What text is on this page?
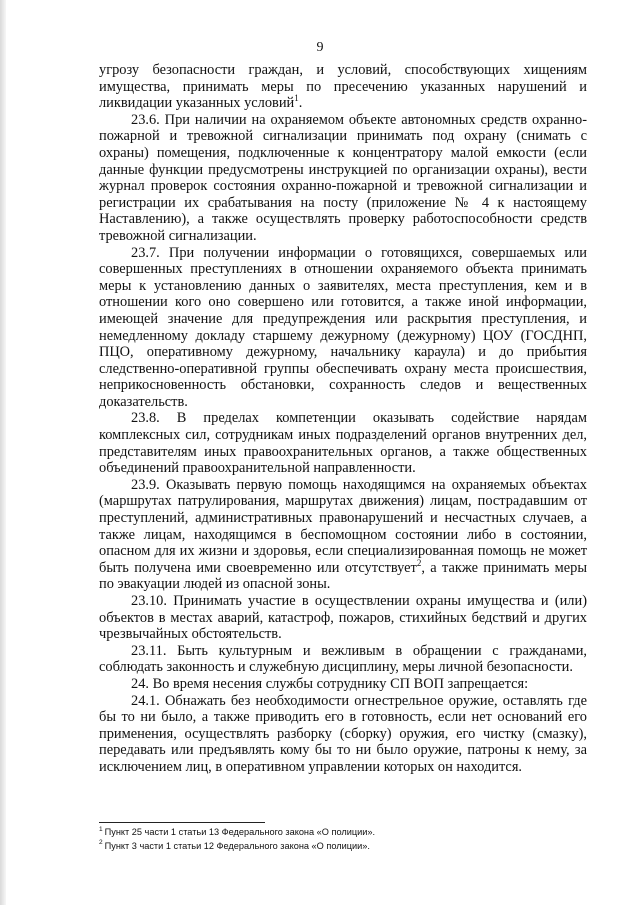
9

угрозу безопасности граждан, и условий, способствующих хищениям имущества, принимать меры по пресечению указанных нарушений и ликвидации указанных условий$^1$.

23.6. При наличии на охраняемом объекте автономных средств охранно-пожарной и тревожной сигнализации принимать под охрану (снимать с охраны) помещения, подключенные к концентратору малой емкости (если данные функции предусмотрены инструкцией по организации охраны), вести журнал проверок состояния охранно-пожарной и тревожной сигнализации и регистрации их срабатывания на посту (приложение № 4 к настоящему Наставлению), а также осуществлять проверку работоспособности средств тревожной сигнализации.

23.7. При получении информации о готовящихся, совершаемых или совершенных преступлениях в отношении охраняемого объекта принимать меры к установлению данных о заявителях, места преступления, кем и в отношении кого оно совершено или готовится, а также иной информации, имеющей значение для предупреждения или раскрытия преступления, и немедленному докладу старшему дежурному (дежурному) ЦОУ (ГОСДНП, ПЦО, оперативному дежурному, начальнику караула) и до прибытия следственно-оперативной группы обеспечивать охрану места происшествия, неприкосновенность обстановки, сохранность следов и вещественных доказательств.

23.8. В пределах компетенции оказывать содействие нарядам комплексных сил, сотрудникам иных подразделений органов внутренних дел, представителям иных правоохранительных органов, а также общественных объединений правоохранительной направленности.

23.9. Оказывать первую помощь находящимся на охраняемых объектах (маршрутах патрулирования, маршрутах движения) лицам, пострадавшим от преступлений, административных правонарушений и несчастных случаев, а также лицам, находящимся в беспомощном состоянии либо в состоянии, опасном для их жизни и здоровья, если специализированная помощь не может быть получена ими своевременно или отсутствует$^2$, а также принимать меры по эвакуации людей из опасной зоны.

23.10. Принимать участие в осуществлении охраны имущества и (или) объектов в местах аварий, катастроф, пожаров, стихийных бедствий и других чрезвычайных обстоятельств.

23.11. Быть культурным и вежливым в обращении с гражданами, соблюдать законность и служебную дисциплину, меры личной безопасности.

24. Во время несения службы сотруднику СП ВОП запрещается:

24.1. Обнажать без необходимости огнестрельное оружие, оставлять где бы то ни было, а также приводить его в готовность, если нет оснований его применения, осуществлять разборку (сборку) оружия, его чистку (смазку), передавать или предъявлять кому бы то ни было оружие, патроны к нему, за исключением лиц, в оперативном управлении которых он находится.

$^1$ Пункт 25 части 1 статьи 13 Федерального закона «О полиции».

$^2$ Пункт 3 части 1 статьи 12 Федерального закона «О полиции».
